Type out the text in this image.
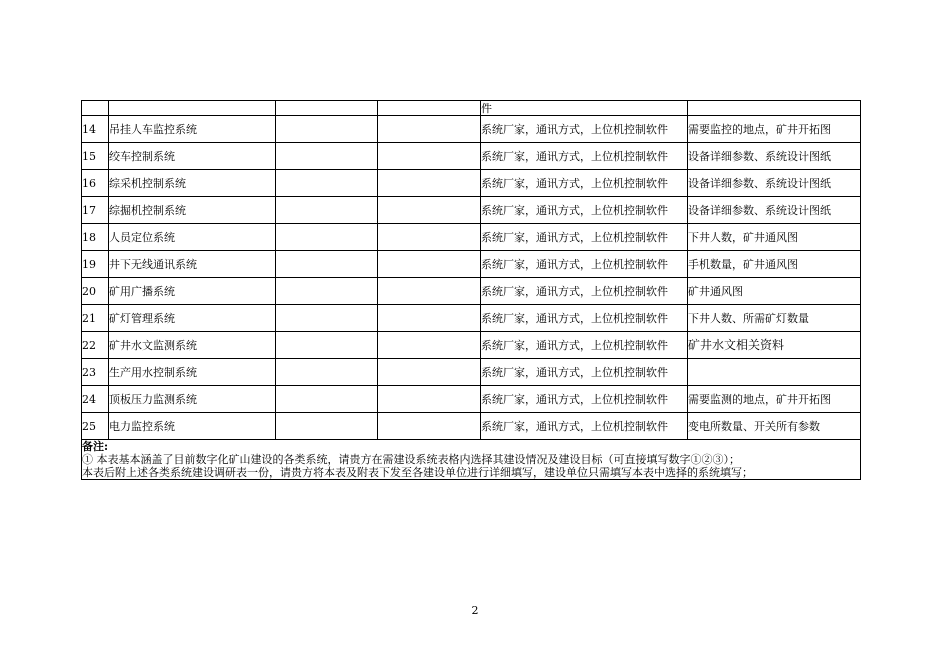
				件	
14	吊挂人车监控系统			系统厂家，通讯方式，上位机控制软件	需要监控的地点，矿井开拓图
15	绞车控制系统			系统厂家，通讯方式，上位机控制软件	设备详细参数、系统设计图纸
16	综采机控制系统			系统厂家，通讯方式，上位机控制软件	设备详细参数、系统设计图纸
17	综掘机控制系统			系统厂家，通讯方式，上位机控制软件	设备详细参数、系统设计图纸
18	人员定位系统			系统厂家，通讯方式，上位机控制软件	下井人数，矿井通风图
19	井下无线通讯系统			系统厂家，通讯方式，上位机控制软件	手机数量，矿井通风图
20	矿用广播系统			系统厂家，通讯方式，上位机控制软件	矿井通风图
21	矿灯管理系统			系统厂家，通讯方式，上位机控制软件	下井人数、所需矿灯数量
22	矿井水文监测系统			系统厂家，通讯方式，上位机控制软件	矿井水文相关资料
23	生产用水控制系统			系统厂家，通讯方式，上位机控制软件	

24	顶板压力监测系统			系统厂家，通讯方式，上位机控制软件	需要监测的地点，矿井开拓图
25	电力监控系统			系统厂家，通讯方式，上位机控制软件	变电所数量、开关所有参数

备注:
① 本表基本涵盖了目前数字化矿山建设的各类系统，请贵方在需建设系统表格内选择其建设情况及建设目标（可直接填写数字①②③）；
本表后附上述各类系统建设调研表一份，请贵方将本表及附表下发至各建设单位进行详细填写，建设单位只需填写本表中选择的系统填写；					
2
